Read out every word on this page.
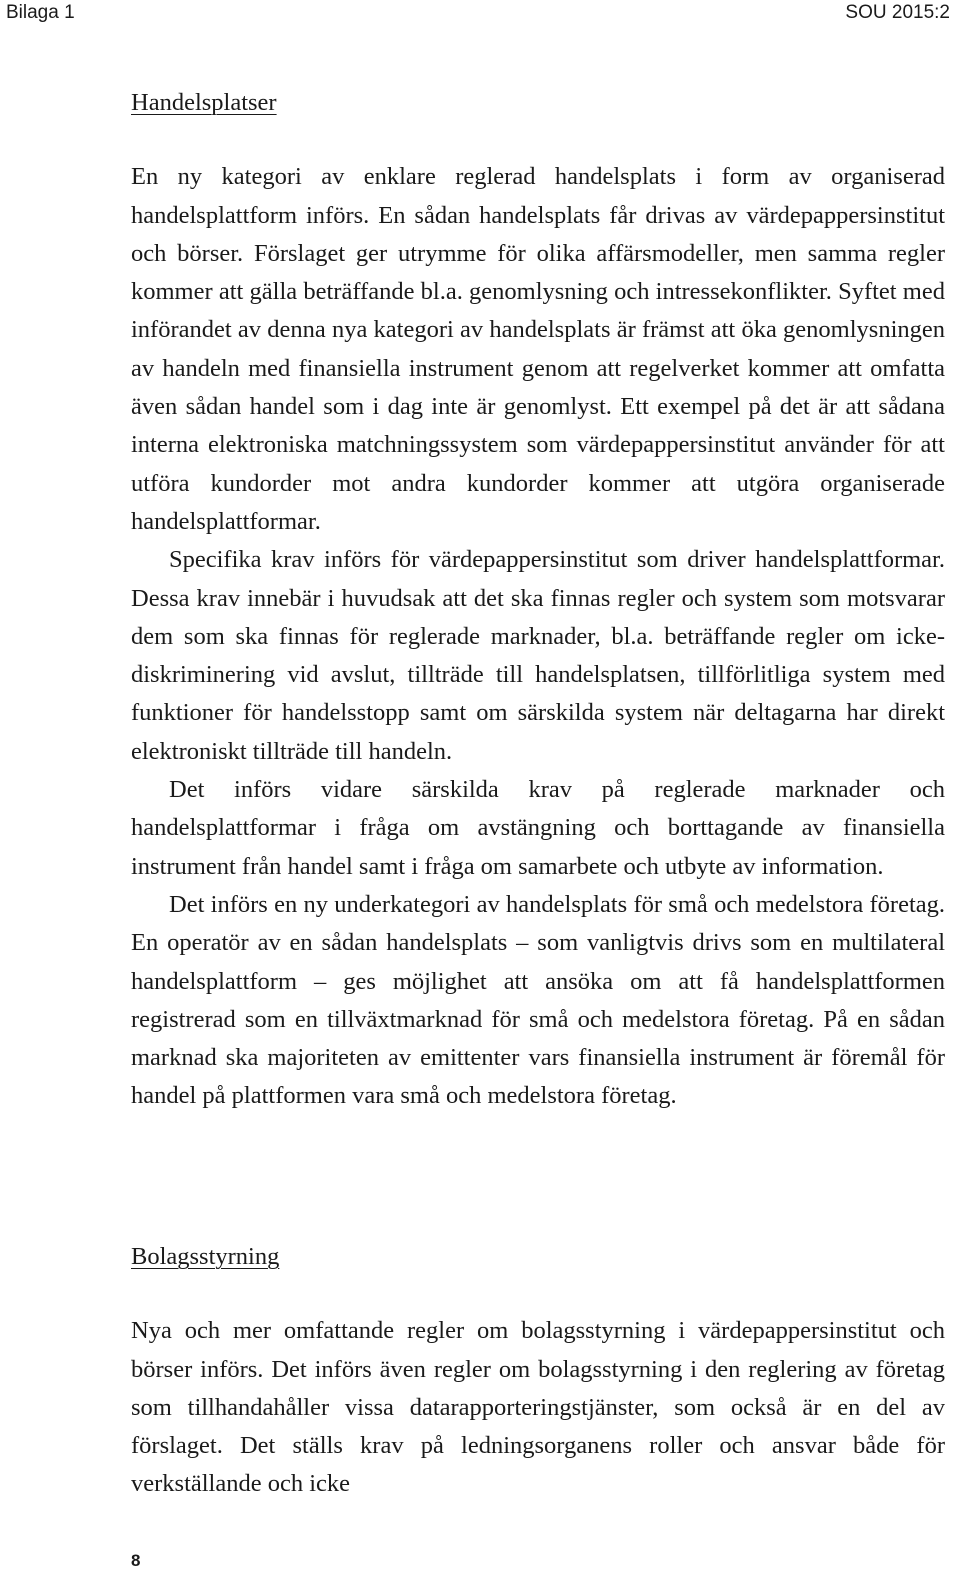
Bilaga 1	SOU 2015:2
Handelsplatser

En ny kategori av enklare reglerad handelsplats i form av organiserad handelsplattform införs. En sådan handelsplats får drivas av värdepappersinstitut och börser. Förslaget ger utrymme för olika affärsmodeller, men samma regler kommer att gälla beträffande bl.a. genomlysning och intressekonflikter. Syftet med införandet av denna nya kategori av handelsplats är främst att öka genomlysningen av handeln med finansiella instrument genom att regelverket kommer att omfatta även sådan handel som i dag inte är genomlyst. Ett exempel på det är att sådana interna elektroniska matchningssystem som värdepappersinstitut använder för att utföra kundorder mot andra kundorder kommer att utgöra organiserade handelsplattformar.

Specifika krav införs för värdepappersinstitut som driver handelsplattformar. Dessa krav innebär i huvudsak att det ska finnas regler och system som motsvarar dem som ska finnas för reglerade marknader, bl.a. beträffande regler om icke-diskriminering vid avslut, tillträde till handelsplatsen, tillförlitliga system med funktioner för handelsstopp samt om särskilda system när deltagarna har direkt elektroniskt tillträde till handeln.

Det införs vidare särskilda krav på reglerade marknader och handelsplattformar i fråga om avstängning och borttagande av finansiella instrument från handel samt i fråga om samarbete och utbyte av information.

Det införs en ny underkategori av handelsplats för små och medelstora företag. En operatör av en sådan handelsplats – som vanligtvis drivs som en multilateral handelsplattform – ges möjlighet att ansöka om att få handelsplattformen registrerad som en tillväxtmarknad för små och medelstora företag. På en sådan marknad ska majoriteten av emittenter vars finansiella instrument är föremål för handel på plattformen vara små och medelstora företag.

Bolagsstyrning

Nya och mer omfattande regler om bolagsstyrning i värdepappersinstitut och börser införs. Det införs även regler om bolagsstyrning i den reglering av företag som tillhandahåller vissa datarapporteringstjänster, som också är en del av förslaget. Det ställs krav på ledningsorganens roller och ansvar både för verkställande och icke

8
